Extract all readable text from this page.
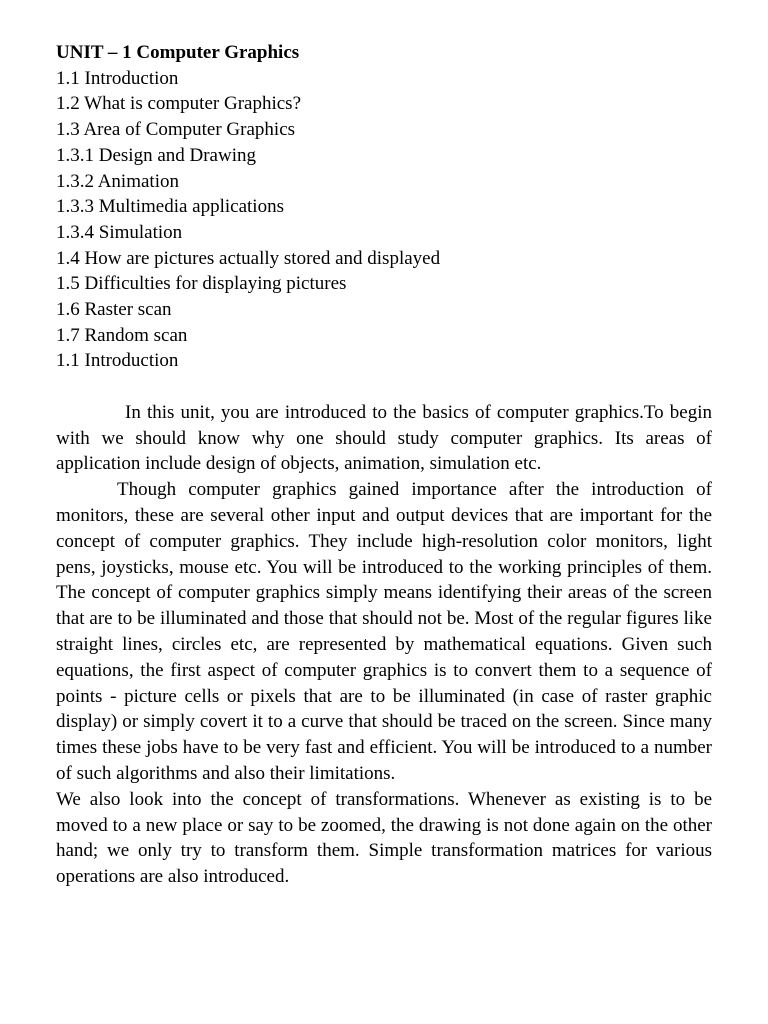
UNIT – 1 Computer Graphics
1.1 Introduction
1.2 What is computer Graphics?
1.3 Area of Computer Graphics
1.3.1 Design and Drawing
1.3.2 Animation
1.3.3 Multimedia applications
1.3.4 Simulation
1.4 How are pictures actually stored and displayed
1.5 Difficulties for displaying pictures
1.6 Raster scan
1.7 Random scan
1.1 Introduction

In this unit, you are introduced to the basics of computer graphics.To begin with we should know why one should study computer graphics. Its areas of application include design of objects, animation, simulation etc.

Though computer graphics gained importance after the introduction of monitors, these are several other input and output devices that are important for the concept of computer graphics. They include high-resolution color monitors, light pens, joysticks, mouse etc. You will be introduced to the working principles of them. The concept of computer graphics simply means identifying their areas of the screen that are to be illuminated and those that should not be. Most of the regular figures like straight lines, circles etc, are represented by mathematical equations. Given such equations, the first aspect of computer graphics is to convert them to a sequence of points - picture cells or pixels that are to be illuminated (in case of raster graphic display) or simply covert it to a curve that should be traced on the screen. Since many times these jobs have to be very fast and efficient. You will be introduced to a number of such algorithms and also their limitations.

We also look into the concept of transformations. Whenever as existing is to be moved to a new place or say to be zoomed, the drawing is not done again on the other hand; we only try to transform them. Simple transformation matrices for various operations are also introduced.
